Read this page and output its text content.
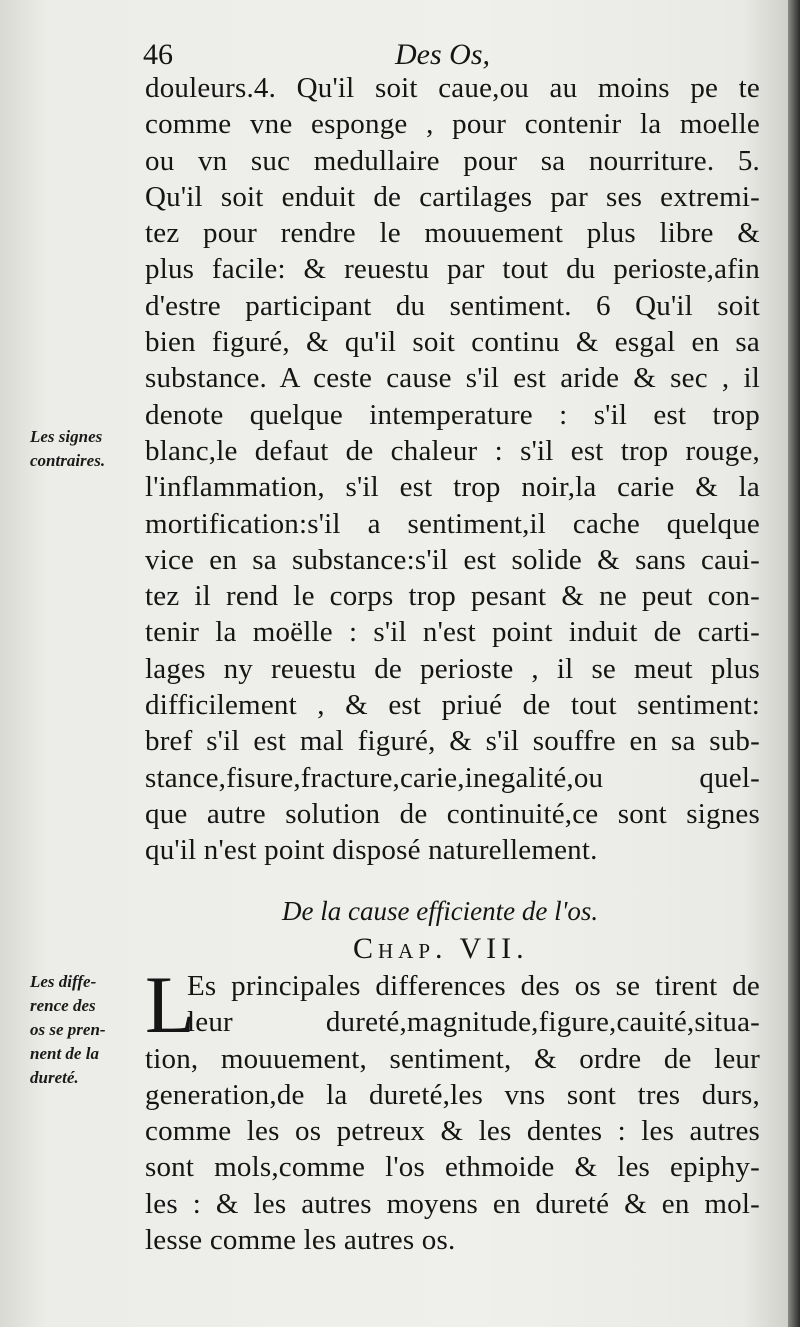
46	Des Os,
douleurs.4. Qu'il soit caue,ou au moins pe te
comme vne esponge , pour contenir la moelle
ou vn suc medullaire pour sa nourriture. 5.
Qu'il soit enduit de cartilages par ses extremi-
tez pour rendre le mouuement plus libre &
plus facile: & reuestu par tout du perioste,afin
d'estre participant du sentiment. 6 Qu'il soit
bien figuré, & qu'il soit continu & esgal en sa
substance. A ceste cause s'il est aride & sec , il
denote quelque intemperature : s'il est trop
blanc,le defaut de chaleur : s'il est trop rouge,
l'inflammation, s'il est trop noir,la carie & la
mortification:s'il a sentiment,il cache quelque
vice en sa substance:s'il est solide & sans caui-
tez il rend le corps trop pesant & ne peut con-
tenir la moëlle : s'il n'est point induit de carti-
lages ny reuestu de perioste , il se meut plus
difficilement , & est priué de tout sentiment:
bref s'il est mal figuré, & s'il souffre en sa sub-
stance,fisure,fracture,carie,inegalité,ou quel-
que autre solution de continuité,ce sont signes
qu'il n'est point disposé naturellement.
Les signes
contraires.
De la cause efficiente de l'os.
Chap. VII.
L
Es principales differences des os se tirent de
leur dureté,magnitude,figure,cauité,situa-
tion, mouuement, sentiment, & ordre de leur
generation,de la dureté,les vns sont tres durs,
comme les os petreux & les dentes : les autres
sont mols,comme l'os ethmoide & les epiphy-
les : & les autres moyens en dureté & en mol-
lesse comme les autres os.
Les diffe-
rence des
os se pren-
nent de la
dureté.
